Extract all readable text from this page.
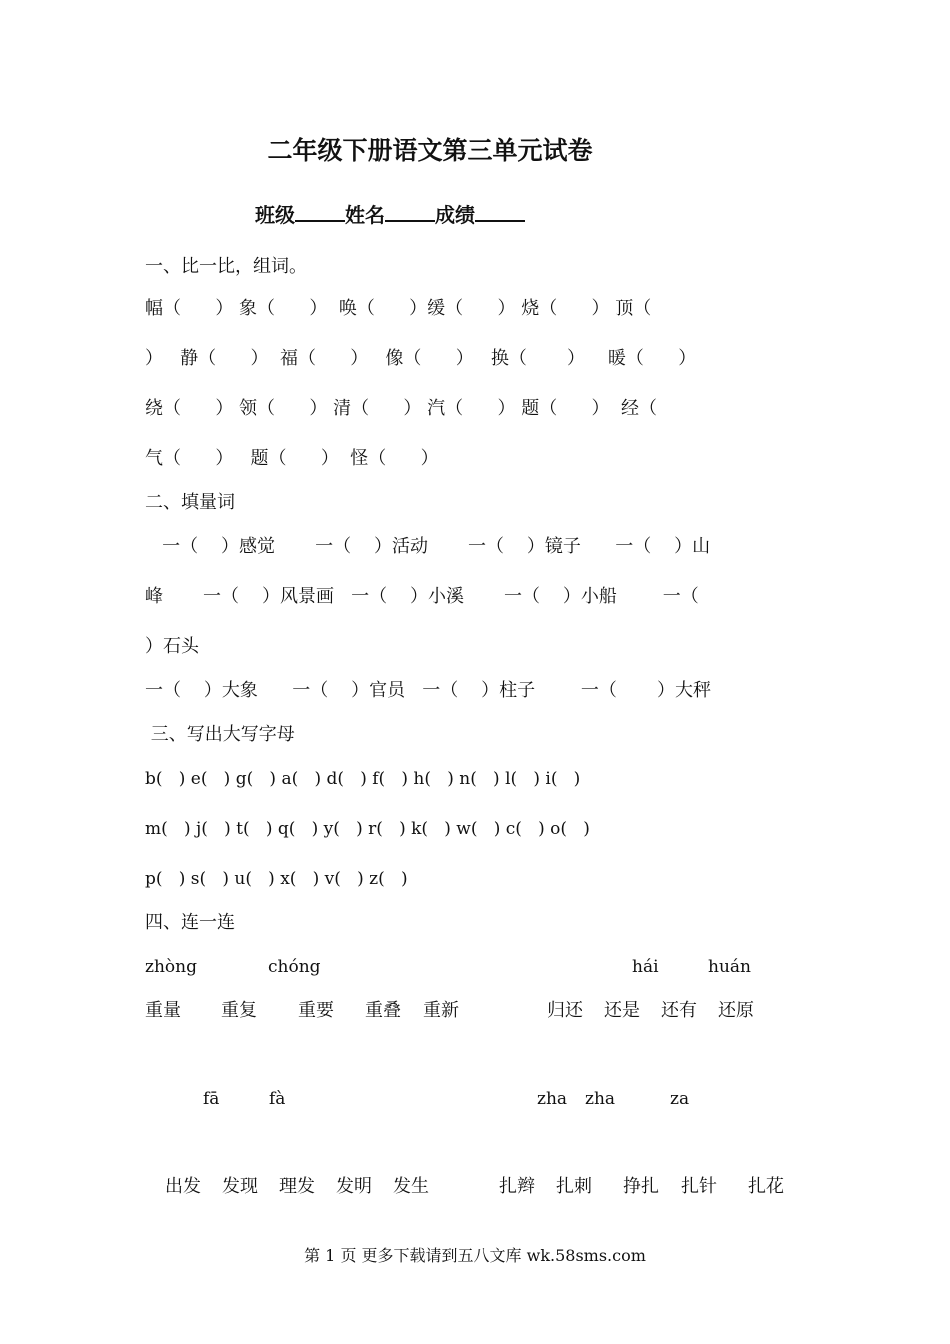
二年级下册语文第三单元试卷
班级	姓名	成绩
一、比一比，组词。
幅（      ） 象（      ）  唤（      ）缓（      ） 烧（      ） 顶（
）   静（      ）  福（      ）   像（      ）   换（       ）    暖（      ）
绕（      ） 领（      ） 清（      ） 汽（      ） 题（      ）  经（
气（      ）   题（      ）  怪（      ）
二、填量词
一（    ）感觉       一（    ）活动       一（    ）镜子      一（    ）山
峰       一（    ）风景画   一（    ）小溪       一（    ）小船        一（
）石头
一（    ）大象      一（    ）官员   一（    ）柱子        一（       ）大秤
三、写出大写字母
b(   ) e(   ) g(   ) a(   ) d(   ) f(   ) h(   ) n(   ) l(   ) i(   )
m(   ) j(   ) t(   ) q(   ) y(   ) r(   ) k(   ) w(   ) c(   ) o(   )
p(   ) s(   ) u(   ) x(   ) v(   ) z(   )
四、连一连
zhòng	chóng	hái	huán
重量 重复 重要 重叠 重新	归还 还是 还有 还原
fā	fà	zha zha	za
出发 发现 理发 发明 发生	扎辫 扎刺 挣扎 扎针 扎花
第 1 页 更多下载请到五八文库 wk.58sms.com
